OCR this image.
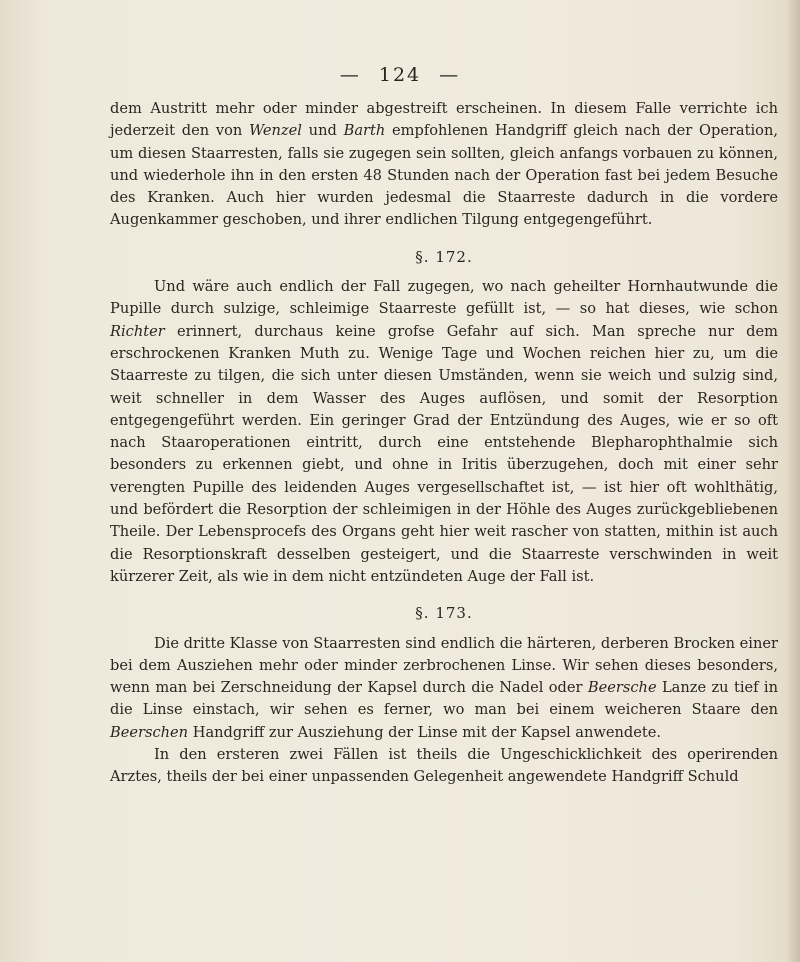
— 124 —

dem Austritt mehr oder minder abgestreift erscheinen. In diesem Falle verrichte ich jederzeit den von Wenzel und Barth empfohlenen Handgriff gleich nach der Operation, um diesen Staarresten, falls sie zugegen sein sollten, gleich anfangs vorbauen zu können, und wiederhole ihn in den ersten 48 Stunden nach der Operation fast bei jedem Besuche des Kranken. Auch hier wurden jedesmal die Staarreste dadurch in die vordere Augenkammer geschoben, und ihrer endlichen Tilgung entgegengeführt.

§. 172.

Und wäre auch endlich der Fall zugegen, wo nach geheilter Hornhautwunde die Pupille durch sulzige, schleimige Staarreste gefüllt ist, — so hat dieses, wie schon Richter erinnert, durchaus keine grofse Gefahr auf sich. Man spreche nur dem erschrockenen Kranken Muth zu. Wenige Tage und Wochen reichen hier zu, um die Staarreste zu tilgen, die sich unter diesen Umständen, wenn sie weich und sulzig sind, weit schneller in dem Wasser des Auges auflösen, und somit der Resorption entgegengeführt werden. Ein geringer Grad der Entzündung des Auges, wie er so oft nach Staaroperationen eintritt, durch eine entstehende Blepharophthalmie sich besonders zu erkennen giebt, und ohne in Iritis überzugehen, doch mit einer sehr verengten Pupille des leidenden Auges vergesellschaftet ist, — ist hier oft wohlthätig, und befördert die Resorption der schleimigen in der Höhle des Auges zurückgebliebenen Theile. Der Lebensprocefs des Organs geht hier weit rascher von statten, mithin ist auch die Resorptionskraft desselben gesteigert, und die Staarreste verschwinden in weit kürzerer Zeit, als wie in dem nicht entzündeten Auge der Fall ist.

§. 173.

Die dritte Klasse von Staarresten sind endlich die härteren, derberen Brocken einer bei dem Ausziehen mehr oder minder zerbrochenen Linse. Wir sehen dieses besonders, wenn man bei Zerschneidung der Kapsel durch die Nadel oder Beersche Lanze zu tief in die Linse einstach, wir sehen es ferner, wo man bei einem weicheren Staare den Beerschen Handgriff zur Ausziehung der Linse mit der Kapsel anwendete.

In den ersteren zwei Fällen ist theils die Ungeschicklichkeit des operirenden Arztes, theils der bei einer unpassenden Gelegenheit angewendete Handgriff Schuld
